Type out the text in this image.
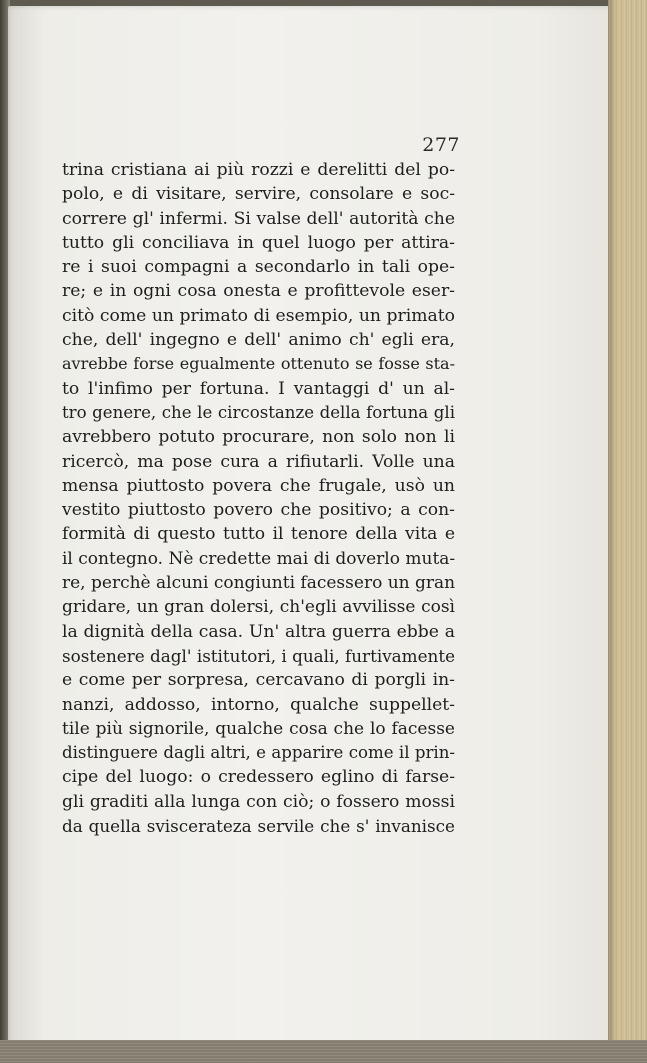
277
trina cristiana ai più rozzi e derelitti del po-
polo, e di visitare, servire, consolare e soc-
correre gl' infermi. Si valse dell' autorità che
tutto gli conciliava in quel luogo per attira-
re i suoi compagni a secondarlo in tali ope-
re; e in ogni cosa onesta e profittevole eser-
citò come un primato di esempio, un primato
che, dell' ingegno e dell' animo ch' egli era,
avrebbe forse egualmente ottenuto se fosse sta-
to l'infimo per fortuna. I vantaggi d' un al-
tro genere, che le circostanze della fortuna gli
avrebbero potuto procurare, non solo non li
ricercò, ma pose cura a rifiutarli. Volle una
mensa piuttosto povera che frugale, usò un
vestito piuttosto povero che positivo; a con-
formità di questo tutto il tenore della vita e
il contegno. Nè credette mai di doverlo muta-
re, perchè alcuni congiunti facessero un gran
gridare, un gran dolersi, ch'egli avvilisse così
la dignità della casa. Un' altra guerra ebbe a
sostenere dagl' istitutori, i quali, furtivamente
e come per sorpresa, cercavano di porgli in-
nanzi, addosso, intorno, qualche suppellet-
tile più signorile, qualche cosa che lo facesse
distinguere dagli altri, e apparire come il prin-
cipe del luogo: o credessero eglino di farse-
gli graditi alla lunga con ciò; o fossero mossi
da quella sviscerateza servile che s' invanisce
